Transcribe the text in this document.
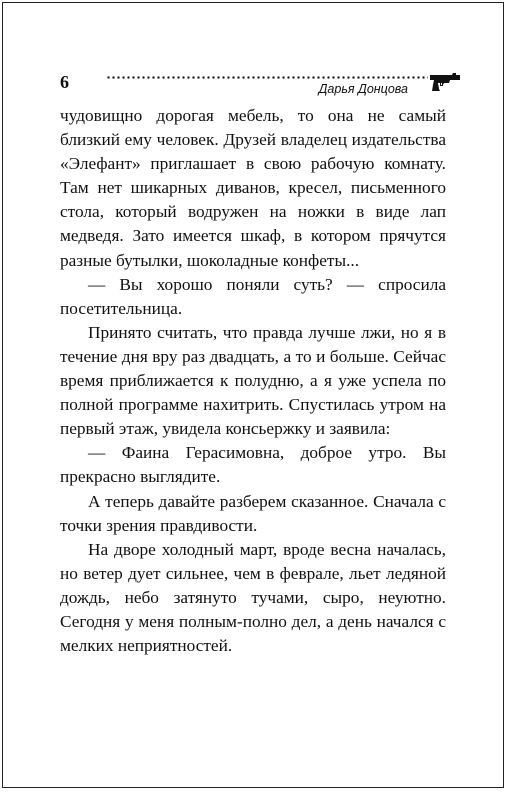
6	Дарья Донцова

чудовищно дорогая мебель, то она не самый близкий ему человек. Друзей владелец издательства «Элефант» приглашает в свою рабочую комнату. Там нет шикарных диванов, кресел, письменного стола, который водружен на ножки в виде лап медведя. Зато имеется шкаф, в котором прячутся разные бутылки, шоколадные конфеты...

— Вы хорошо поняли суть? — спросила посетительница.

Принято считать, что правда лучше лжи, но я в течение дня вру раз двадцать, а то и больше. Сейчас время приближается к полудню, а я уже успела по полной программе нахитрить. Спустилась утром на первый этаж, увидела консьержку и заявила:

— Фаина Герасимовна, доброе утро. Вы прекрасно выглядите.

А теперь давайте разберем сказанное. Сначала с точки зрения правдивости.

На дворе холодный март, вроде весна началась, но ветер дует сильнее, чем в феврале, льет ледяной дождь, небо затянуто тучами, сыро, неуютно. Сегодня у меня полным-полно дел, а день начался с мелких неприятностей.
